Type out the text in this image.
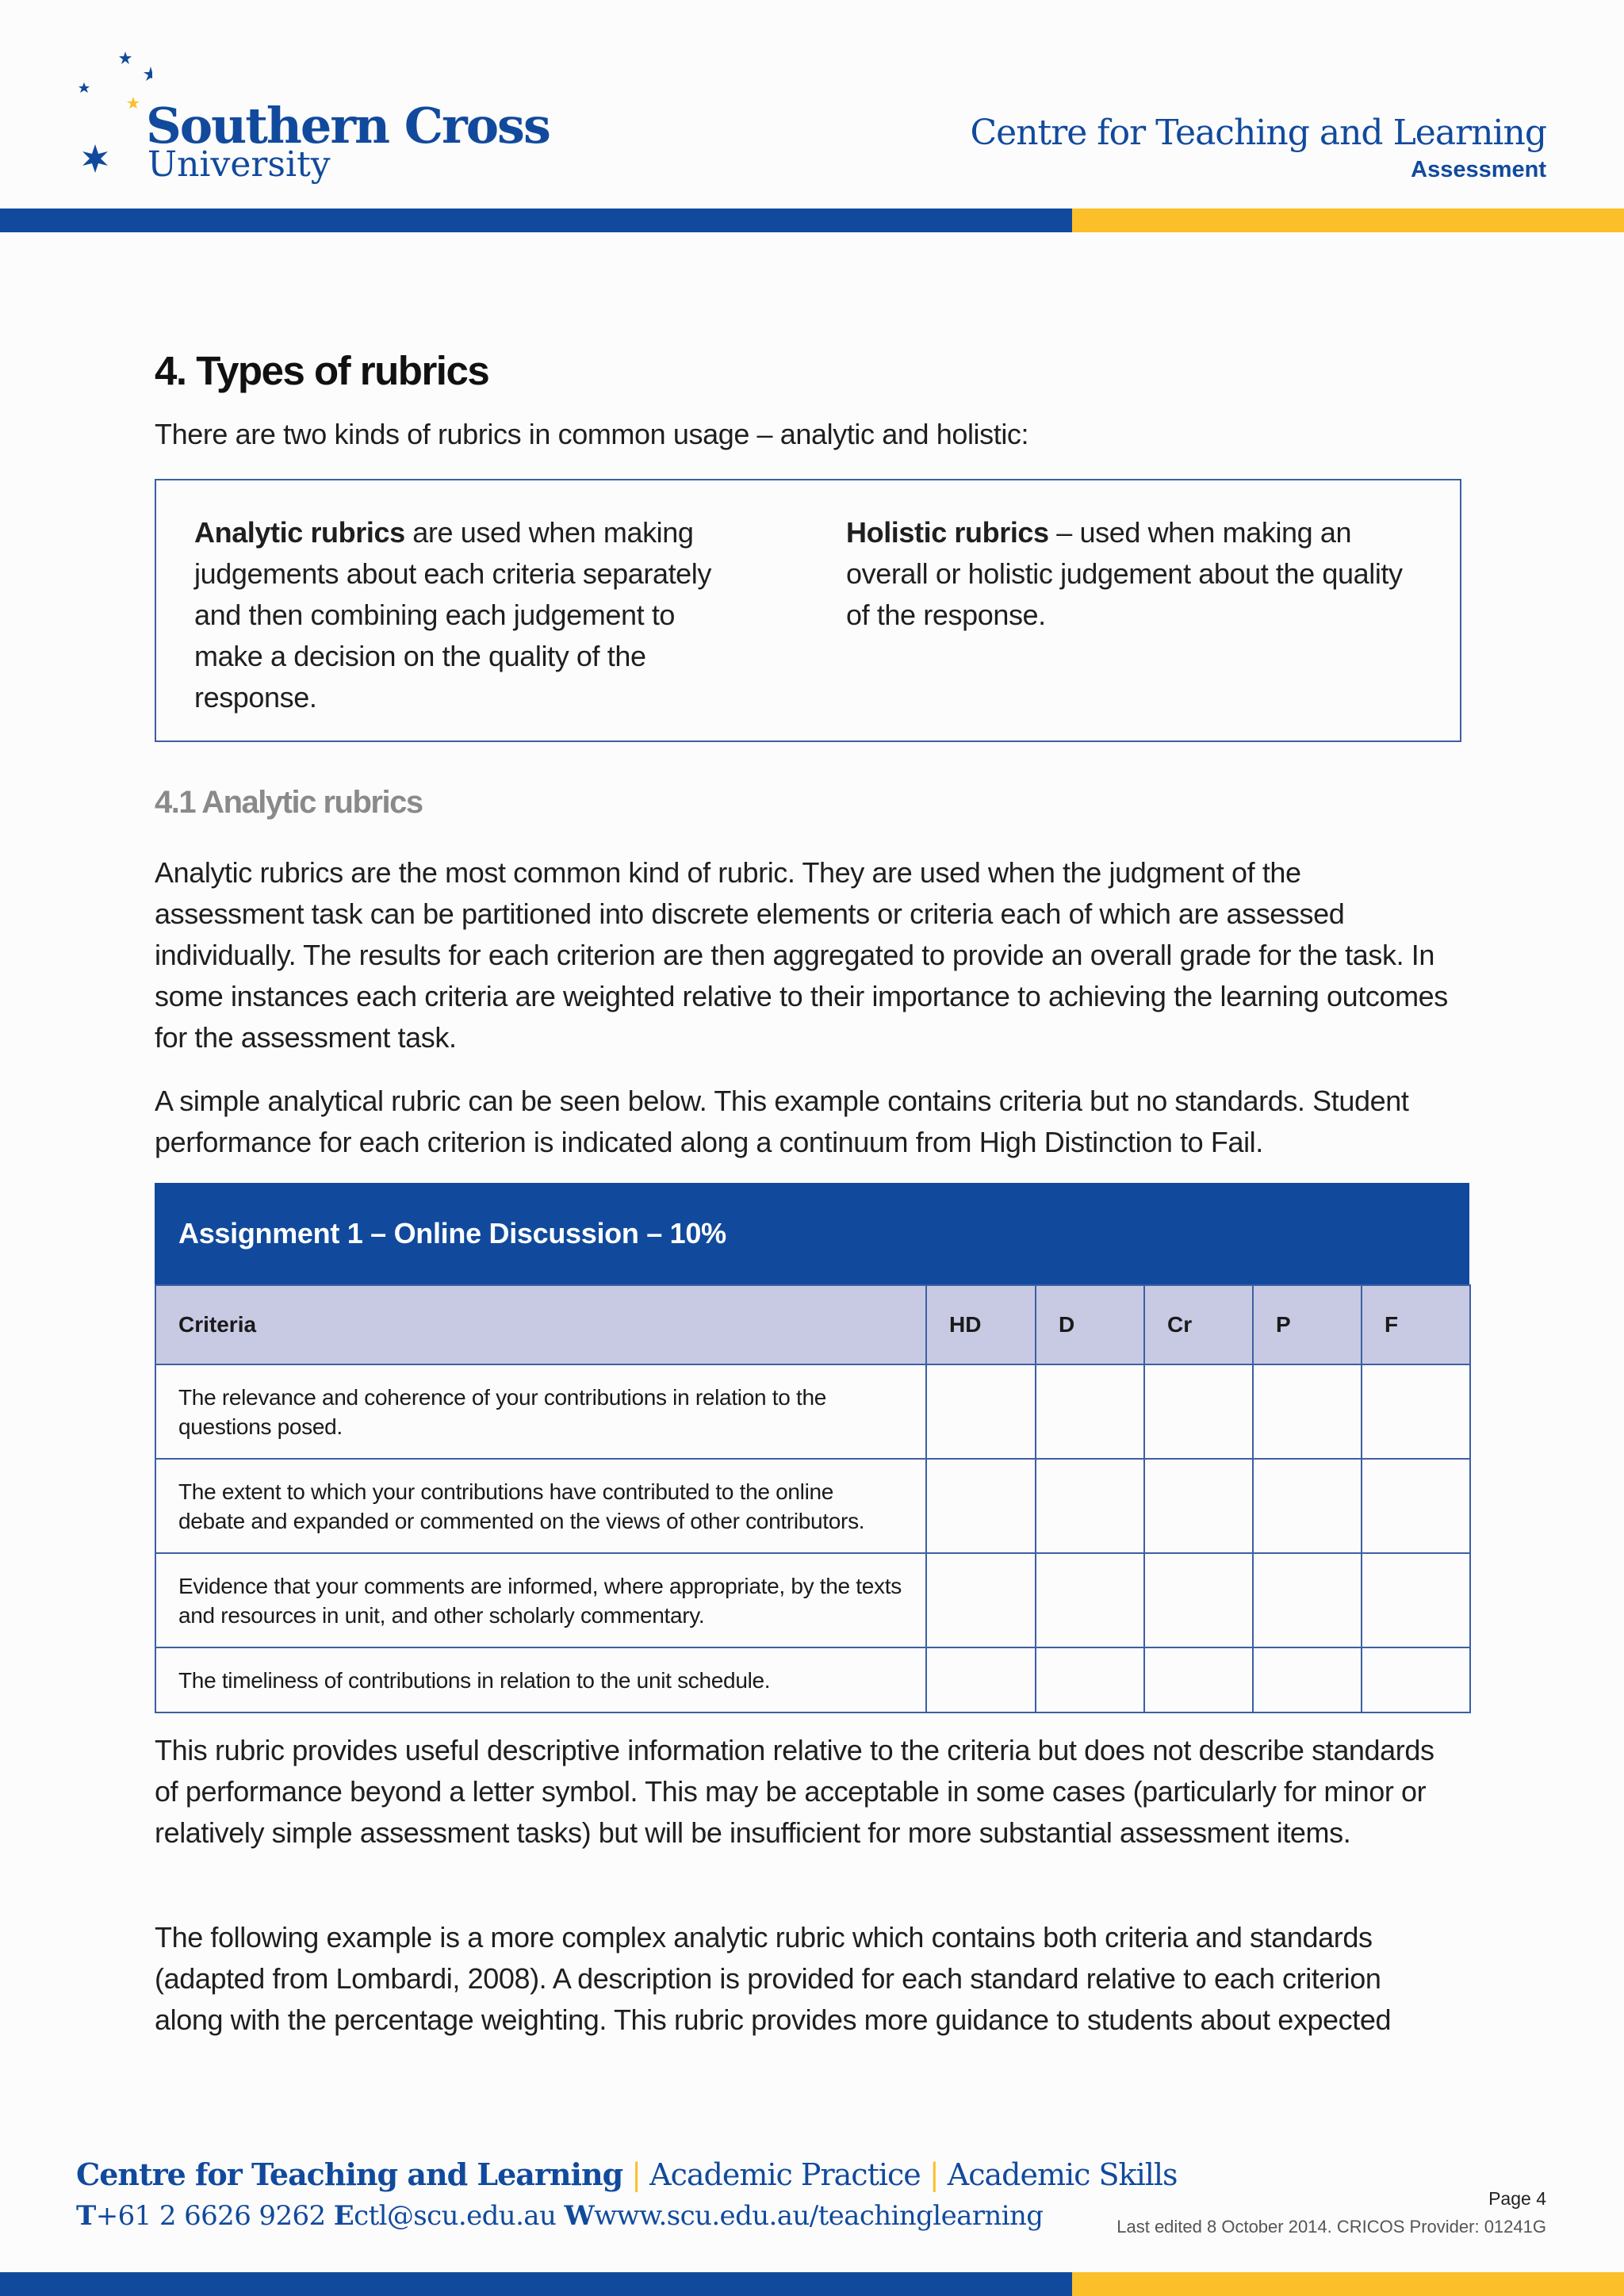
Southern Cross
University
Centre for Teaching and Learning
Assessment
4. Types of rubrics

There are two kinds of rubrics in common usage – analytic and holistic:

Analytic rubrics are used when making judgements about each criteria separately and then combining each judgement to make a decision on the quality of the response.
Holistic rubrics – used when making an overall or holistic judgement about the quality of the response.
4.1 Analytic rubrics

Analytic rubrics are the most common kind of rubric. They are used when the judgment of the assessment task can be partitioned into discrete elements or criteria each of which are assessed individually. The results for each criterion are then aggregated to provide an overall grade for the task. In some instances each criteria are weighted relative to their importance to achieving the learning outcomes for the assessment task.

A simple analytical rubric can be seen below. This example contains criteria but no standards. Student performance for each criterion is indicated along a continuum from High Distinction to Fail.

Assignment 1 – Online Discussion – 10%
Criteria	HD	D	Cr	P	F
The relevance and coherence of your contributions in relation to the questions posed.					
The extent to which your contributions have contributed to the online debate and expanded or commented on the views of other contributors.					
Evidence that your comments are informed, where appropriate, by the texts and resources in unit, and other scholarly commentary.					
The timeliness of contributions in relation to the unit schedule.					

This rubric provides useful descriptive information relative to the criteria but does not describe standards of performance beyond a letter symbol. This may be acceptable in some cases (particularly for minor or relatively simple assessment tasks) but will be insufficient for more substantial assessment items.

The following example is a more complex analytic rubric which contains both criteria and standards (adapted from Lombardi, 2008). A description is provided for each standard relative to each criterion along with the percentage weighting. This rubric provides more guidance to students about expected

Centre for Teaching and Learning | Academic Practice | Academic Skills
T+61 2 6626 9262 Ectl@scu.edu.au Wwww.scu.edu.au/teachinglearning
Page 4
Last edited 8 October 2014. CRICOS Provider: 01241G
